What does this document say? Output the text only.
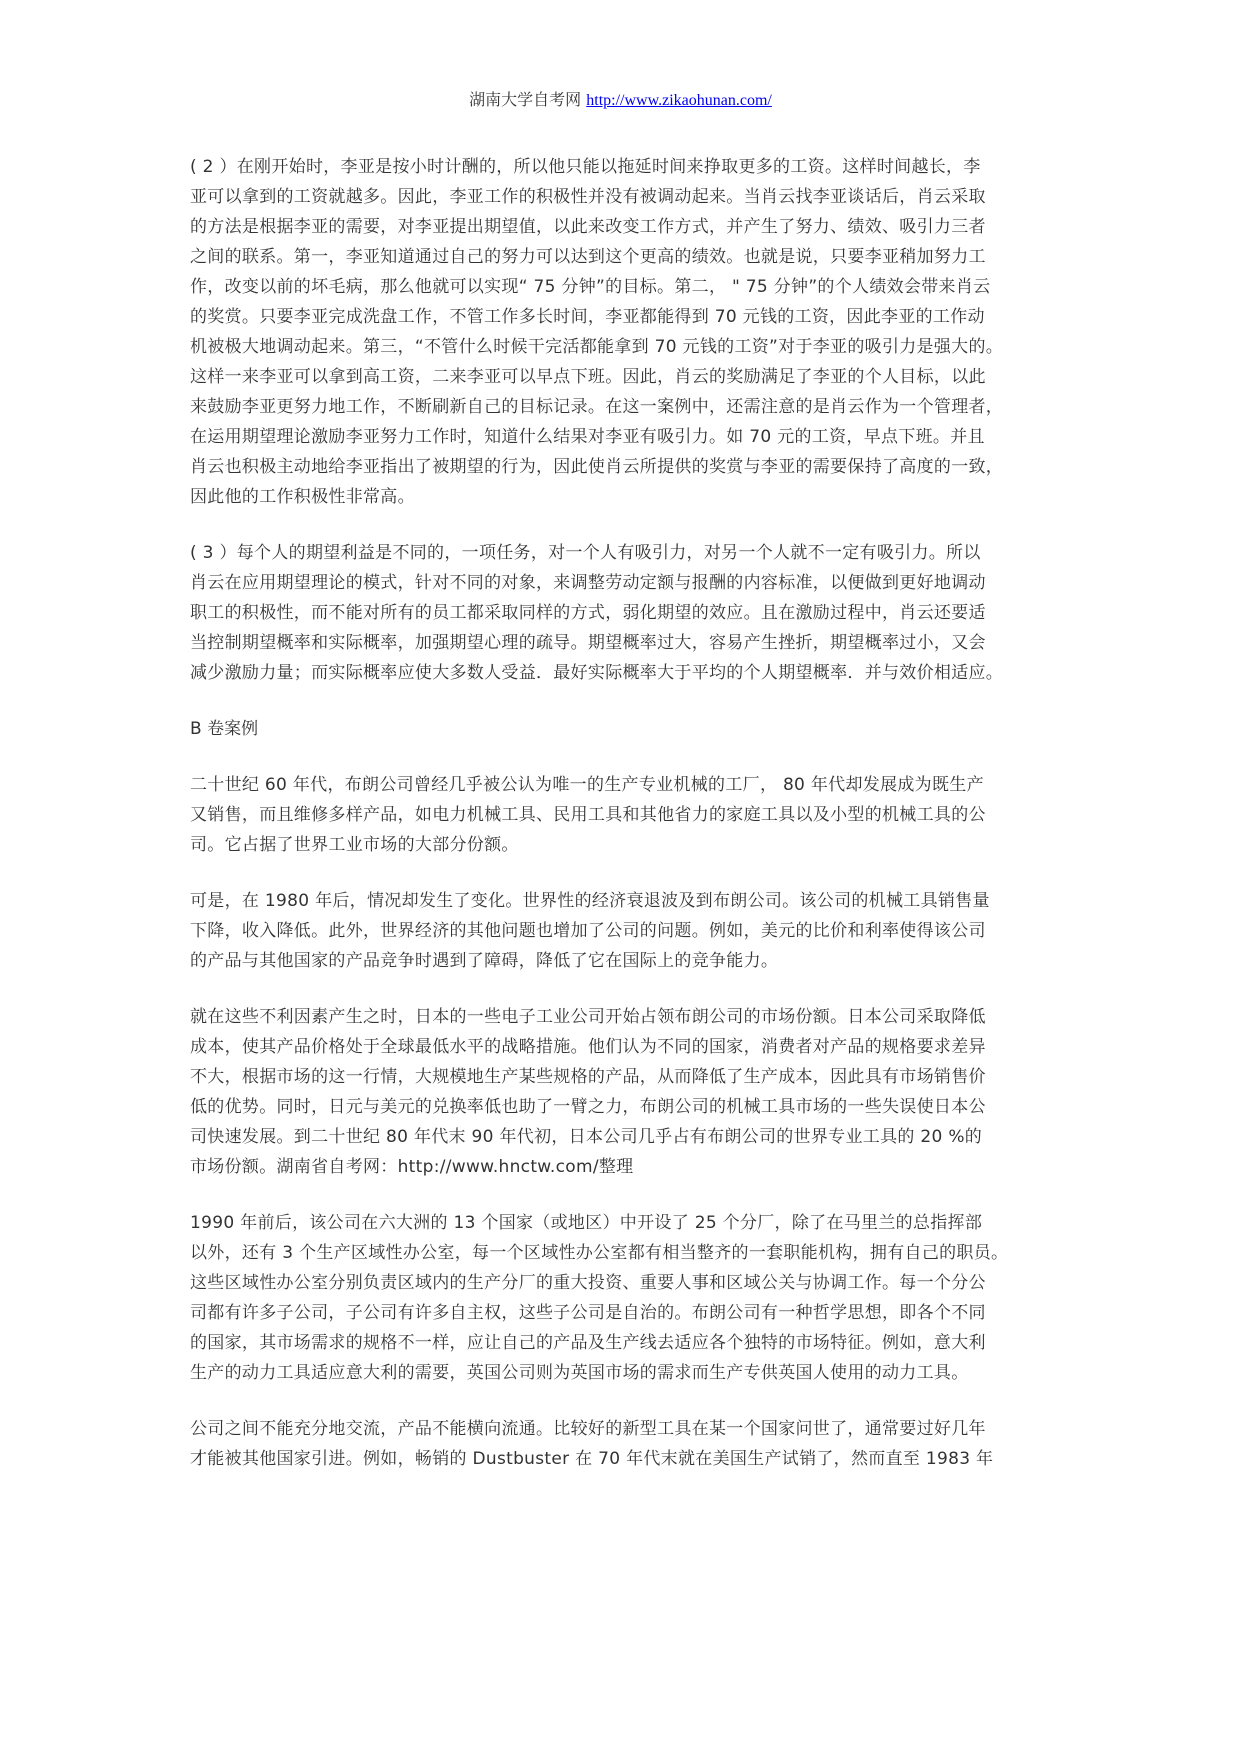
湖南大学自考网 http://www.zikaohunan.com/

( 2 ）在刚开始时，李亚是按小时计酬的，所以他只能以拖延时间来挣取更多的工资。这样时间越长，李
亚可以拿到的工资就越多。因此，李亚工作的积极性并没有被调动起来。当肖云找李亚谈话后，肖云采取
的方法是根据李亚的需要，对李亚提出期望值，以此来改变工作方式，并产生了努力、绩效、吸引力三者
之间的联系。第一，李亚知道通过自己的努力可以达到这个更高的绩效。也就是说，只要李亚稍加努力工
作，改变以前的坏毛病，那么他就可以实现“ 75 分钟”的目标。第二， " 75 分钟”的个人绩效会带来肖云
的奖赏。只要李亚完成洗盘工作，不管工作多长时间，李亚都能得到 70 元钱的工资，因此李亚的工作动
机被极大地调动起来。第三，“不管什么时候干完活都能拿到 70 元钱的工资”对于李亚的吸引力是强大的。
这样一来李亚可以拿到高工资，二来李亚可以早点下班。因此，肖云的奖励满足了李亚的个人目标，以此
来鼓励李亚更努力地工作，不断刷新自己的目标记录。在这一案例中，还需注意的是肖云作为一个管理者，
在运用期望理论激励李亚努力工作时，知道什么结果对李亚有吸引力。如 70 元的工资，早点下班。并且
肖云也积极主动地给李亚指出了被期望的行为，因此使肖云所提供的奖赏与李亚的需要保持了高度的一致，
因此他的工作积极性非常高。

( 3 ）每个人的期望利益是不同的，一项任务，对一个人有吸引力，对另一个人就不一定有吸引力。所以
肖云在应用期望理论的模式，针对不同的对象，来调整劳动定额与报酬的内容标准，以便做到更好地调动
职工的积极性，而不能对所有的员工都采取同样的方式，弱化期望的效应。且在激励过程中，肖云还要适
当控制期望概率和实际概率，加强期望心理的疏导。期望概率过大，容易产生挫折，期望概率过小，又会
减少激励力量；而实际概率应使大多数人受益．最好实际概率大于平均的个人期望概率．并与效价相适应。

B 卷案例

二十世纪 60 年代，布朗公司曾经几乎被公认为唯一的生产专业机械的工厂， 80 年代却发展成为既生产
又销售，而且维修多样产品，如电力机械工具、民用工具和其他省力的家庭工具以及小型的机械工具的公
司。它占据了世界工业市场的大部分份额。

可是，在 1980 年后，情况却发生了变化。世界性的经济衰退波及到布朗公司。该公司的机械工具销售量
下降，收入降低。此外，世界经济的其他问题也增加了公司的问题。例如，美元的比价和利率使得该公司
的产品与其他国家的产品竞争时遇到了障碍，降低了它在国际上的竞争能力。

就在这些不利因素产生之时，日本的一些电子工业公司开始占领布朗公司的市场份额。日本公司采取降低
成本，使其产品价格处于全球最低水平的战略措施。他们认为不同的国家，消费者对产品的规格要求差异
不大，根据市场的这一行情，大规模地生产某些规格的产品，从而降低了生产成本，因此具有市场销售价
低的优势。同时，日元与美元的兑换率低也助了一臂之力，布朗公司的机械工具市场的一些失误使日本公
司快速发展。到二十世纪 80 年代末 90 年代初，日本公司几乎占有布朗公司的世界专业工具的 20 %的
市场份额。湖南省自考网：http://www.hnctw.com/整理

1990 年前后，该公司在六大洲的 13 个国家（或地区）中开设了 25 个分厂，除了在马里兰的总指挥部
以外，还有 3 个生产区域性办公室，每一个区域性办公室都有相当整齐的一套职能机构，拥有自己的职员。
这些区域性办公室分别负责区域内的生产分厂的重大投资、重要人事和区域公关与协调工作。每一个分公
司都有许多子公司，子公司有许多自主权，这些子公司是自治的。布朗公司有一种哲学思想，即各个不同
的国家，其市场需求的规格不一样，应让自己的产品及生产线去适应各个独特的市场特征。例如，意大利
生产的动力工具适应意大利的需要，英国公司则为英国市场的需求而生产专供英国人使用的动力工具。

公司之间不能充分地交流，产品不能横向流通。比较好的新型工具在某一个国家问世了，通常要过好几年
才能被其他国家引进。例如，畅销的 Dustbuster 在 70 年代末就在美国生产试销了，然而直至 1983 年
